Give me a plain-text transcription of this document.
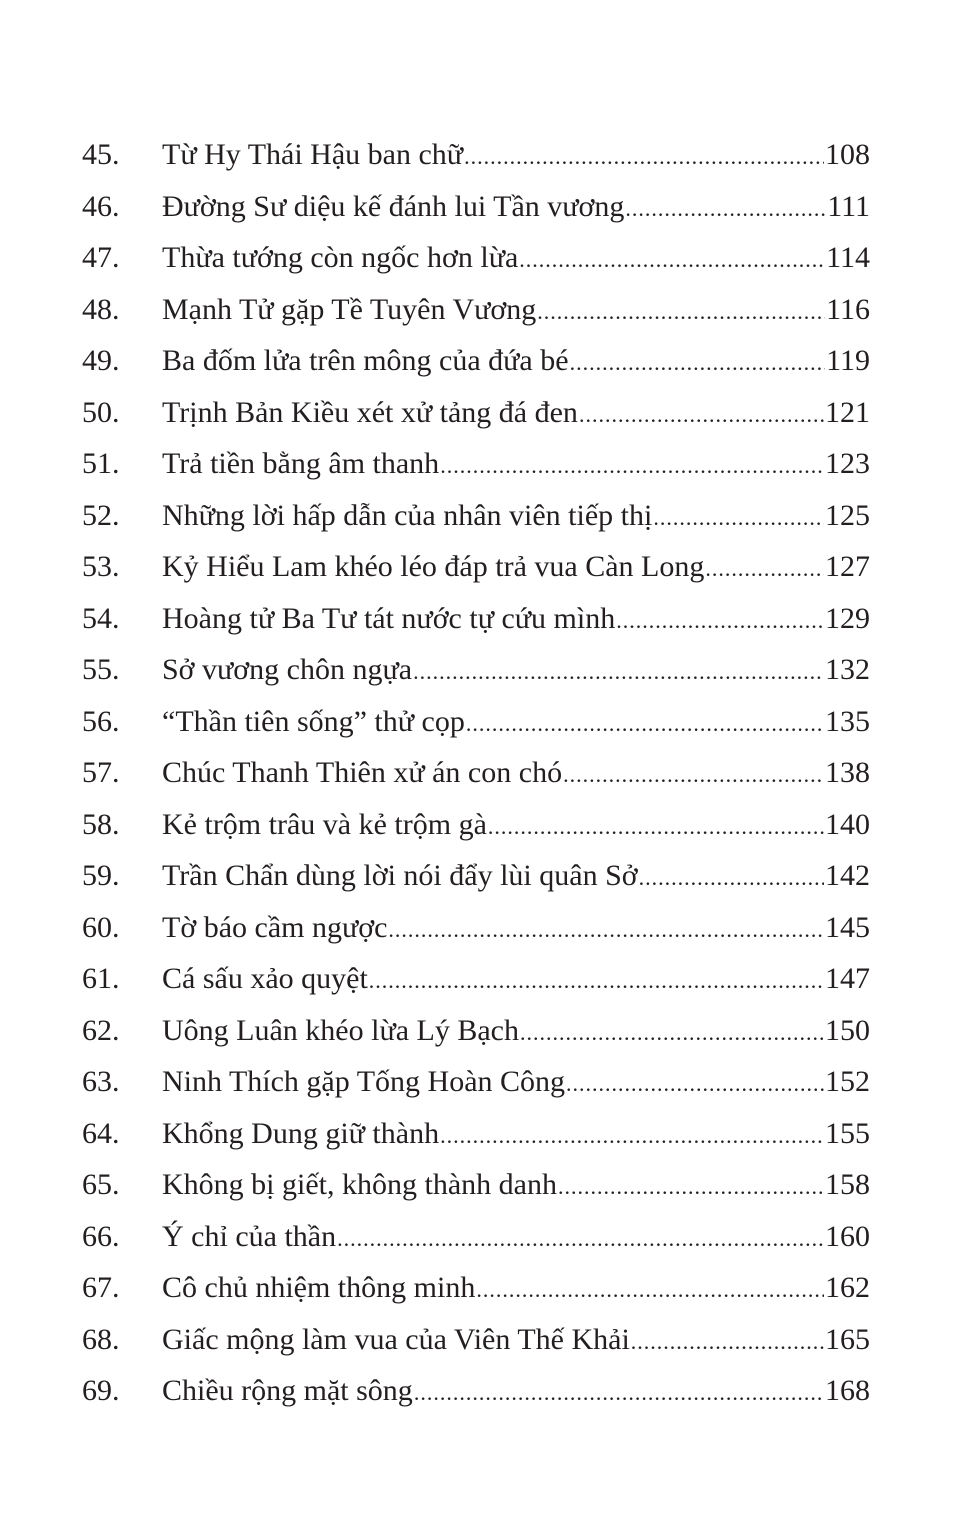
45.	Từ Hy Thái Hậu ban chữ .....	108
46.	Đường Sư diệu kế đánh lui Tần vương .....	111
47.	Thừa tướng còn ngốc hơn lừa .....	114
48.	Mạnh Tử gặp Tề Tuyên Vương .....	116
49.	Ba đốm lửa trên mông của đứa bé .....	119
50.	Trịnh Bản Kiều xét xử tảng đá đen .....	121
51.	Trả tiền bằng âm thanh .....	123
52.	Những lời hấp dẫn của nhân viên tiếp thị .....	125
53.	Kỷ Hiểu Lam khéo léo đáp trả vua Càn Long .....	127
54.	Hoàng tử Ba Tư tát nước tự cứu mình .....	129
55.	Sở vương chôn ngựa .....	132
56.	“Thần tiên sống” thử cọp .....	135
57.	Chúc Thanh Thiên xử án con chó .....	138
58.	Kẻ trộm trâu và kẻ trộm gà .....	140
59.	Trần Chẩn dùng lời nói đẩy lùi quân Sở .....	142
60.	Tờ báo cầm ngược .....	145
61.	Cá sấu xảo quyệt .....	147
62.	Uông Luân khéo lừa Lý Bạch .....	150
63.	Ninh Thích gặp Tống Hoàn Công .....	152
64.	Khổng Dung giữ thành .....	155
65.	Không bị giết, không thành danh .....	158
66.	Ý chỉ của thần .....	160
67.	Cô chủ nhiệm thông minh .....	162
68.	Giấc mộng làm vua của Viên Thế Khải .....	165
69.	Chiều rộng mặt sông .....	168
